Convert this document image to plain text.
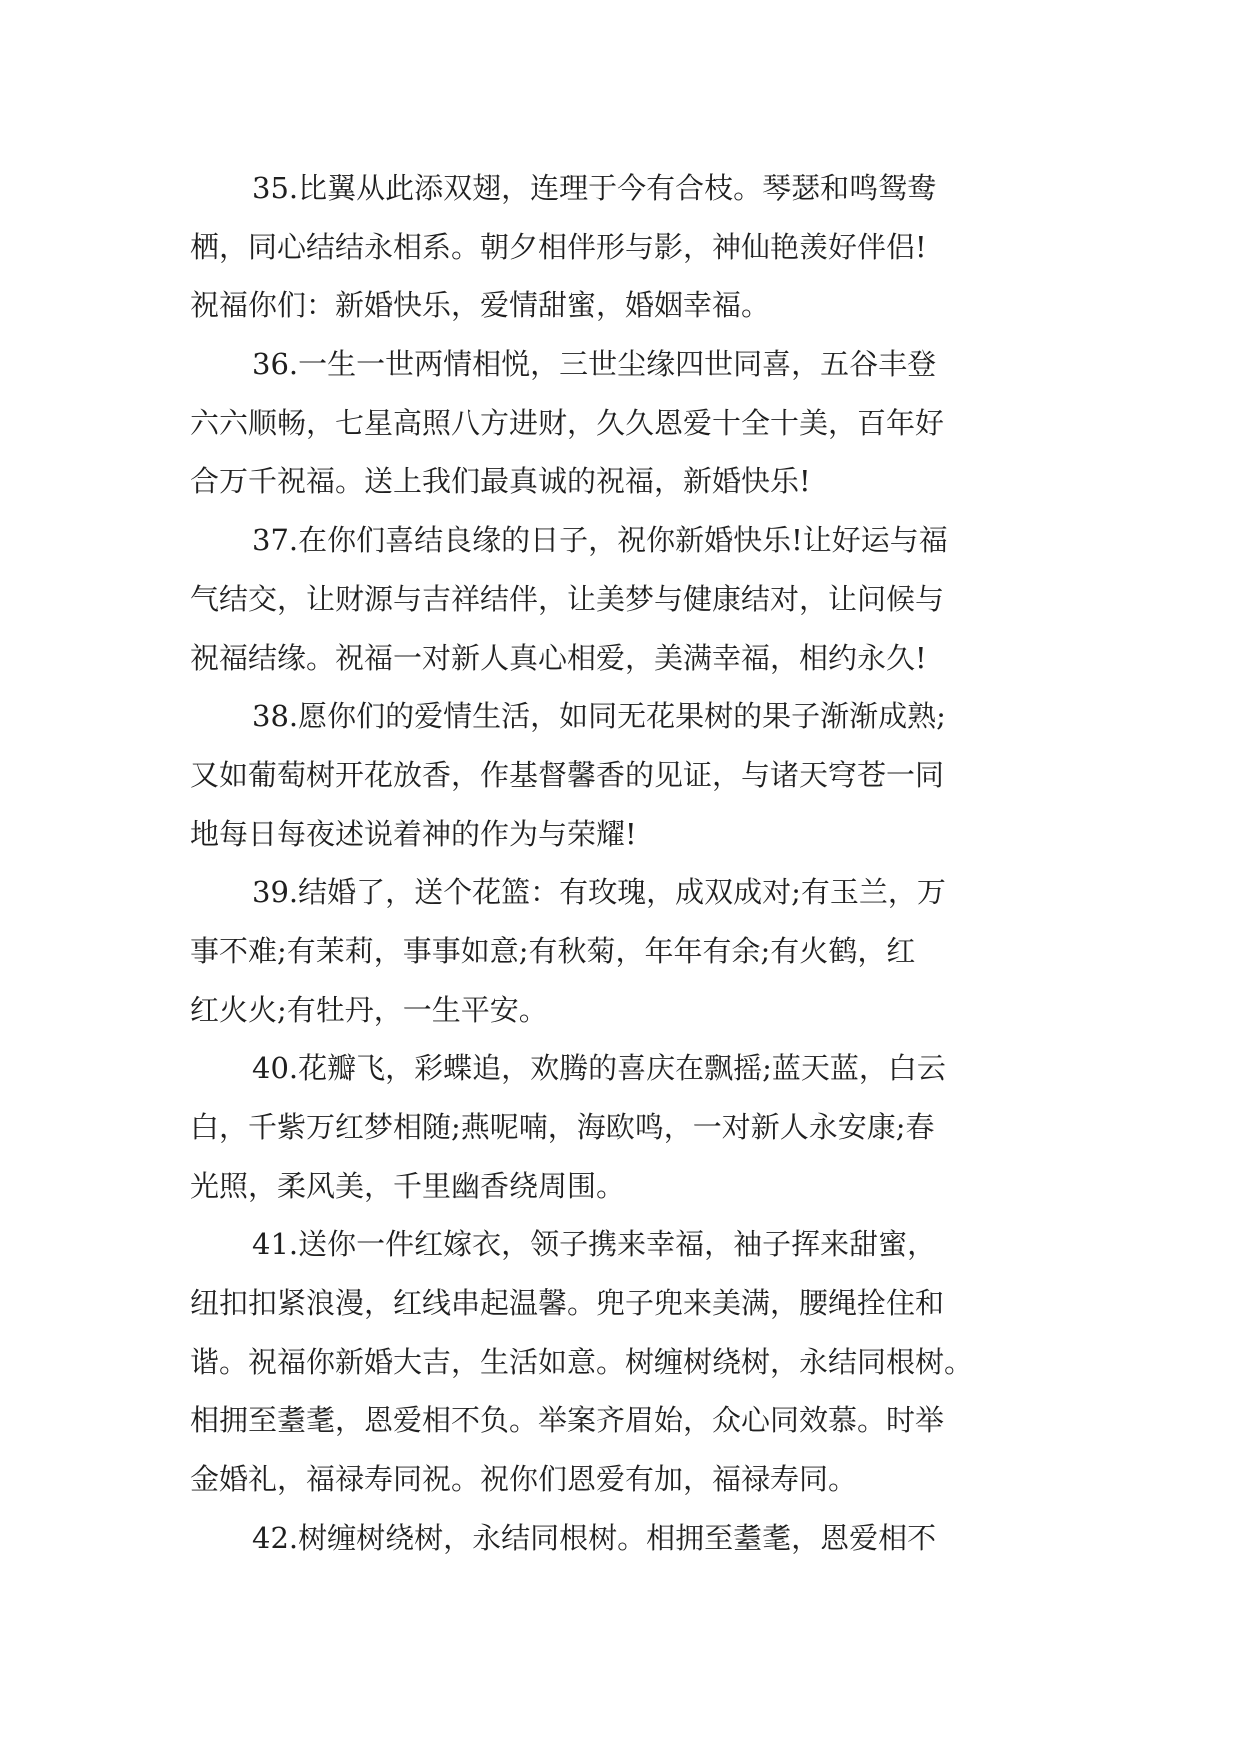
35.比翼从此添双翅，连理于今有合枝。琴瑟和鸣鸳鸯
栖，同心结结永相系。朝夕相伴形与影，神仙艳羡好伴侣!
祝福你们：新婚快乐，爱情甜蜜，婚姻幸福。
36.一生一世两情相悦，三世尘缘四世同喜，五谷丰登
六六顺畅，七星高照八方进财，久久恩爱十全十美，百年好
合万千祝福。送上我们最真诚的祝福，新婚快乐!
37.在你们喜结良缘的日子，祝你新婚快乐!让好运与福
气结交，让财源与吉祥结伴，让美梦与健康结对，让问候与
祝福结缘。祝福一对新人真心相爱，美满幸福，相约永久!
38.愿你们的爱情生活，如同无花果树的果子渐渐成熟;
又如葡萄树开花放香，作基督馨香的见证，与诸天穹苍一同
地每日每夜述说着神的作为与荣耀!
39.结婚了，送个花篮：有玫瑰，成双成对;有玉兰，万
事不难;有茉莉，事事如意;有秋菊，年年有余;有火鹤，红
红火火;有牡丹，一生平安。
40.花瓣飞，彩蝶追，欢腾的喜庆在飘摇;蓝天蓝，白云
白，千紫万红梦相随;燕呢喃，海欧鸣，一对新人永安康;春
光照，柔风美，千里幽香绕周围。
41.送你一件红嫁衣，领子携来幸福，袖子挥来甜蜜，
纽扣扣紧浪漫，红线串起温馨。兜子兜来美满，腰绳拴住和
谐。祝福你新婚大吉，生活如意。树缠树绕树，永结同根树。
相拥至耋耄，恩爱相不负。举案齐眉始，众心同效慕。时举
金婚礼，福禄寿同祝。祝你们恩爱有加，福禄寿同。
42.树缠树绕树，永结同根树。相拥至耋耄，恩爱相不
